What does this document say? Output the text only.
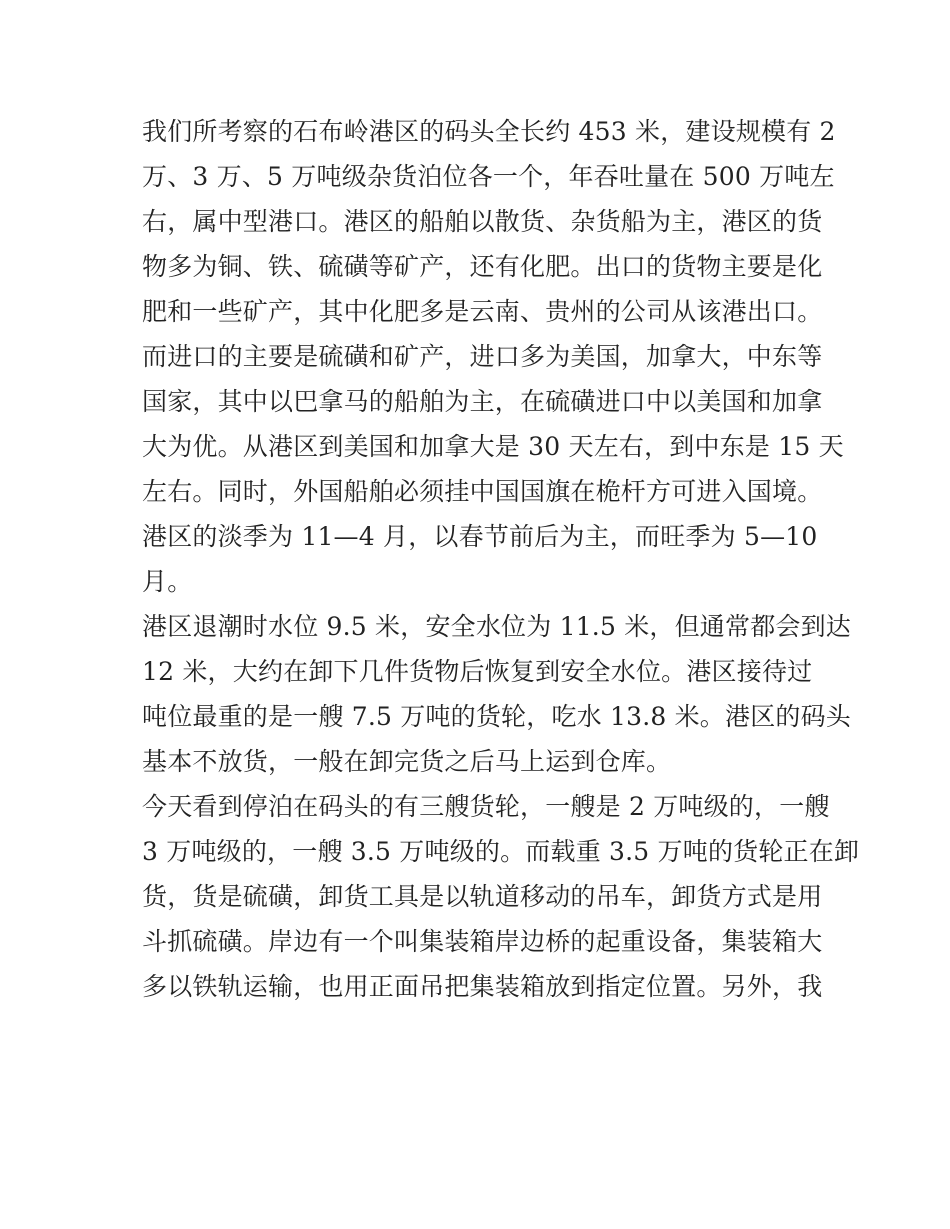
我们所考察的石布岭港区的码头全长约 453 米，建设规模有 2
万、3 万、5 万吨级杂货泊位各一个，年吞吐量在 500 万吨左
右，属中型港口。港区的船舶以散货、杂货船为主，港区的货
物多为铜、铁、硫磺等矿产，还有化肥。出口的货物主要是化
肥和一些矿产，其中化肥多是云南、贵州的公司从该港出口。
而进口的主要是硫磺和矿产，进口多为美国，加拿大，中东等
国家，其中以巴拿马的船舶为主，在硫磺进口中以美国和加拿
大为优。从港区到美国和加拿大是 30 天左右，到中东是 15 天
左右。同时，外国船舶必须挂中国国旗在桅杆方可进入国境。
港区的淡季为 11—4 月，以春节前后为主，而旺季为 5—10
月。
港区退潮时水位 9.5 米，安全水位为 11.5 米，但通常都会到达
12 米，大约在卸下几件货物后恢复到安全水位。港区接待过
吨位最重的是一艘 7.5 万吨的货轮，吃水 13.8 米。港区的码头
基本不放货，一般在卸完货之后马上运到仓库。
今天看到停泊在码头的有三艘货轮，一艘是 2 万吨级的，一艘
3 万吨级的，一艘 3.5 万吨级的。而载重 3.5 万吨的货轮正在卸
货，货是硫磺，卸货工具是以轨道移动的吊车，卸货方式是用
斗抓硫磺。岸边有一个叫集装箱岸边桥的起重设备，集装箱大
多以铁轨运输，也用正面吊把集装箱放到指定位置。另外，我
